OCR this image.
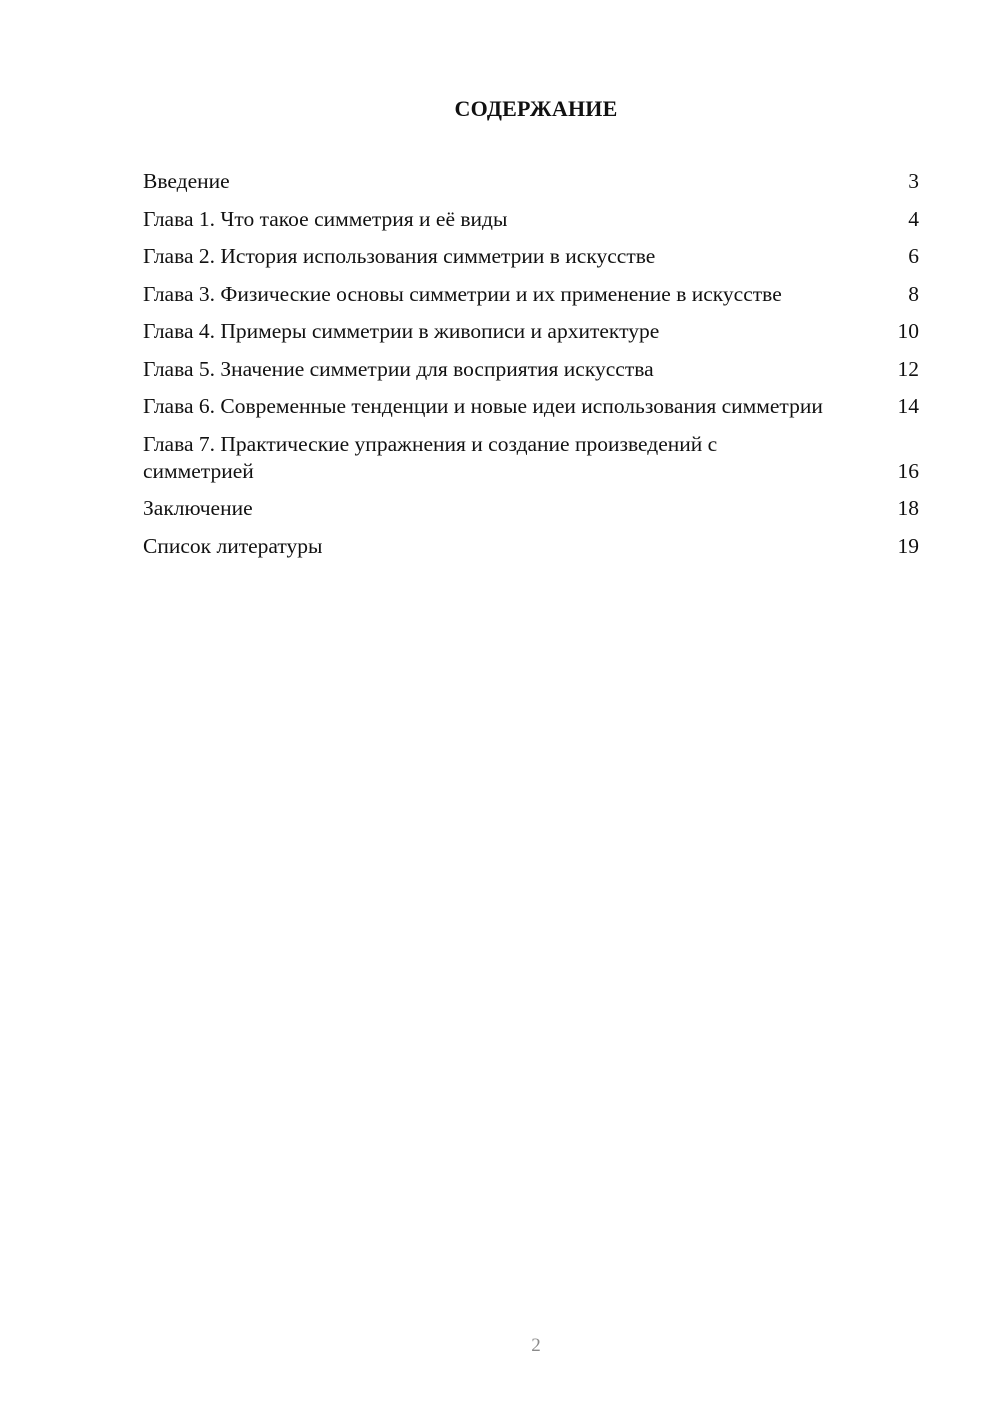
СОДЕРЖАНИЕ
Введение	3
Глава 1. Что такое симметрия и её виды	4
Глава 2. История использования симметрии в искусстве	6
Глава 3. Физические основы симметрии и их применение в искусстве	8
Глава 4. Примеры симметрии в живописи и архитектуре	10
Глава 5. Значение симметрии для восприятия искусства	12
Глава 6. Современные тенденции и новые идеи использования симметрии	14
Глава 7. Практические упражнения и создание произведений с симметрией	16
Заключение	18
Список литературы	19
2
